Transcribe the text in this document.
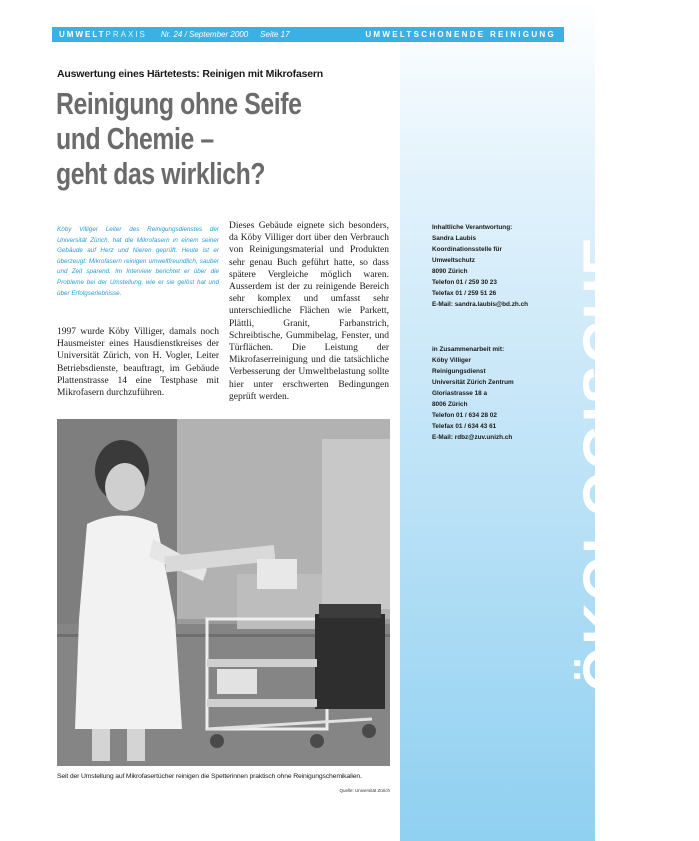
UMWELTPRAXIS Nr. 24 / September 2000 Seite 17	UMWELTSCHONENDE REINIGUNG
Auswertung eines Härtetests: Reinigen mit Mikrofasern
Reinigung ohne Seife
und Chemie –
geht das wirklich?
Köby Villiger Leiter des Reinigungsdienstes der Universität Zürich, hat die Mikrofasern in einem seiner Gebäude auf Herz und Nieren geprüft. Heute ist er überzeugt: Mikrofasern reinigen umweltfreundlich, sauber und Zeit sparend. Im Interview berichtet er über die Probleme bei der Umstellung, wie er sie gelöst hat und über Erfolgserlebnisse.
1997 wurde Köby Villiger, damals noch Hausmeister eines Hausdienstkreises der Universität Zürich, von H. Vogler, Leiter Betriebsdienste, beauftragt, im Gebäude Plattenstrasse 14 eine Testphase mit Mikrofasern durchzuführen.
Dieses Gebäude eignete sich besonders, da Köby Villiger dort über den Verbrauch von Reinigungsmaterial und Produkten sehr genau Buch geführt hatte, so dass spätere Vergleiche möglich waren. Ausserdem ist der zu reinigende Bereich sehr komplex und umfasst sehr unterschiedliche Flächen wie Parkett, Plättli, Granit, Farbanstrich, Schreibtische, Gummibelag, Fenster, und Türflächen. Die Leistung der Mikrofaserreinigung und die tatsächliche Verbesserung der Umweltbelastung sollte hier unter erschwerten Bedingungen geprüft werden.
Seit der Umstellung auf Mikrofasertücher reinigen die Spetterinnen praktisch ohne Reinigungschemikalien.
Quelle: Universität Zürich
Inhaltliche Verantwortung:
Sandra Laubis
Koordinationsstelle für
Umweltschutz
8090 Zürich
Telefon 01 / 259 30 23
Telefax 01 / 259 51 26
E-Mail: sandra.laubis@bd.zh.ch
in Zusammenarbeit mit:
Köby Villiger
Reinigungsdienst
Universität Zürich Zentrum
Gloriastrasse 18 a
8006 Zürich
Telefon 01 / 634 28 02
Telefax 01 / 634 43 61
E-Mail: rdbz@zuv.unizh.ch	ÖKOLOGISCHE
BESCHAFFUNG
